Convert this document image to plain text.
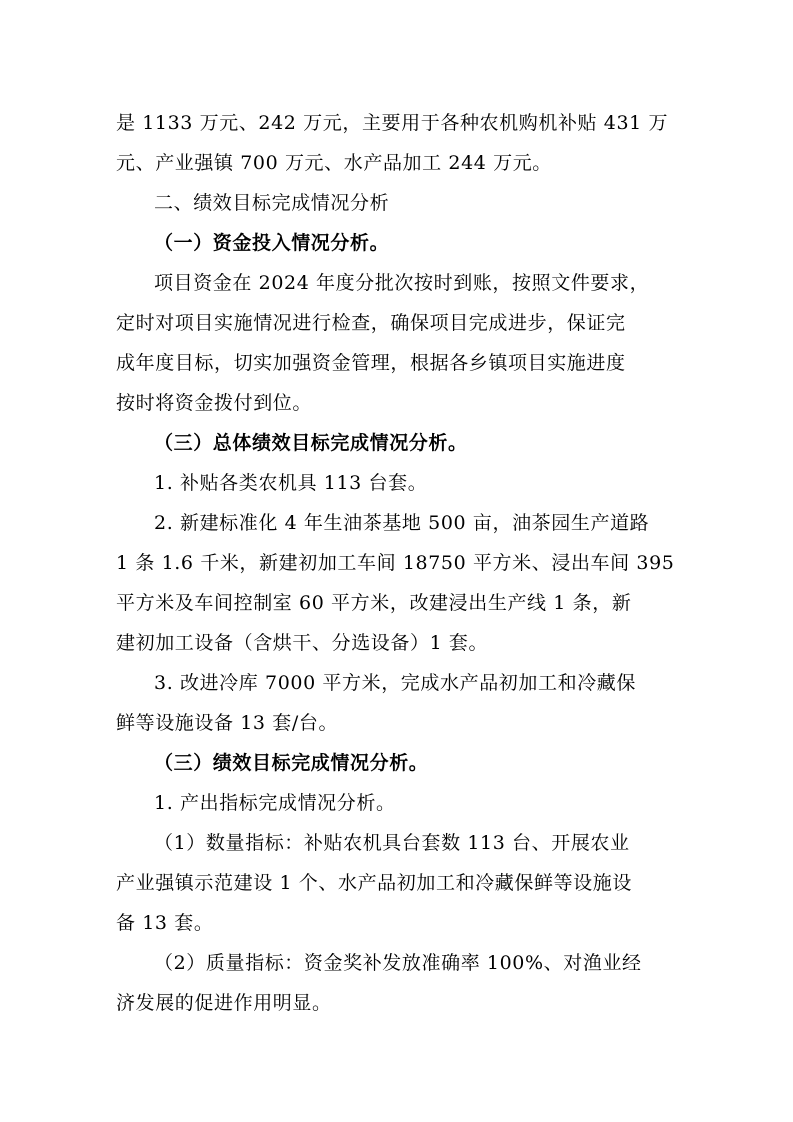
是 1133 万元、242 万元，主要用于各种农机购机补贴 431 万
元、产业强镇 700 万元、水产品加工 244 万元。

二、绩效目标完成情况分析

（一）资金投入情况分析。

项目资金在 2024 年度分批次按时到账，按照文件要求，
定时对项目实施情况进行检查，确保项目完成进步，保证完
成年度目标，切实加强资金管理，根据各乡镇项目实施进度
按时将资金拨付到位。

（三）总体绩效目标完成情况分析。

1. 补贴各类农机具 113 台套。

2. 新建标准化 4 年生油茶基地 500 亩，油茶园生产道路
1 条 1.6 千米，新建初加工车间 18750 平方米、浸出车间 395
平方米及车间控制室 60 平方米，改建浸出生产线 1 条，新
建初加工设备（含烘干、分选设备）1 套。

3. 改进冷库 7000 平方米，完成水产品初加工和冷藏保
鲜等设施设备 13 套/台。

（三）绩效目标完成情况分析。

1. 产出指标完成情况分析。

（1）数量指标：补贴农机具台套数 113 台、开展农业
产业强镇示范建设 1 个、水产品初加工和冷藏保鲜等设施设
备 13 套。

（2）质量指标：资金奖补发放准确率 100%、对渔业经
济发展的促进作用明显。
